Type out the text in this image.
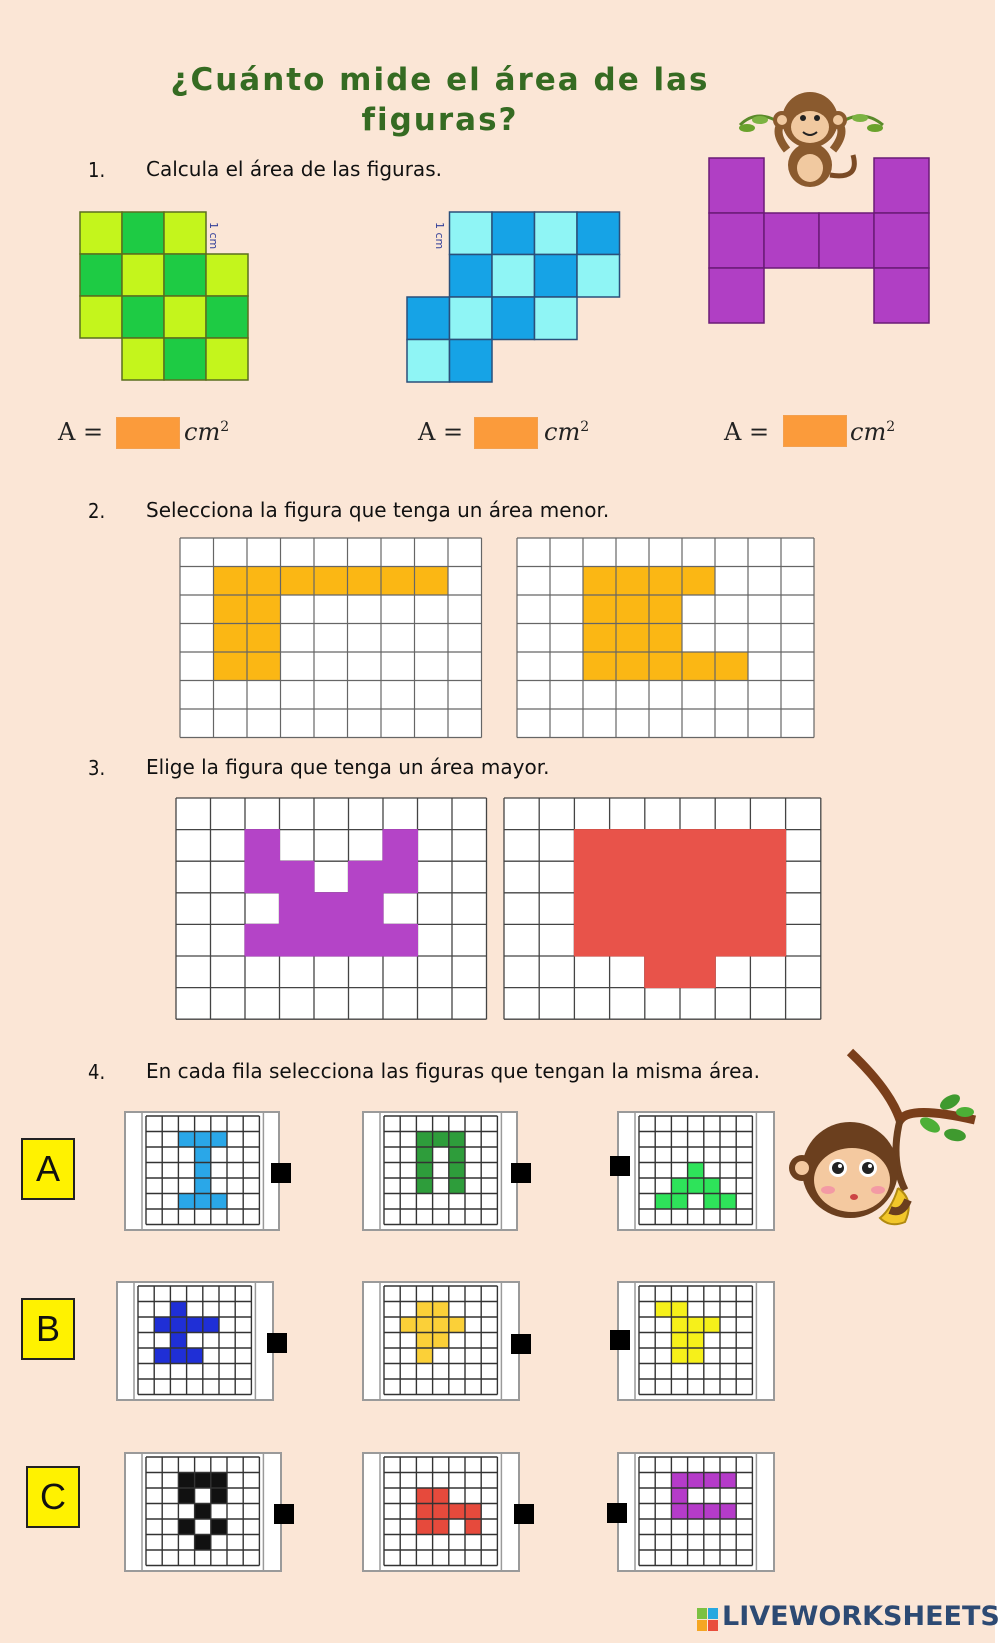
¿Cuánto mide el área de las
figuras?
1. Calcula el área de las figuras.
1 cm	1 cm
A =	$cm^2$	A =	$cm^2$	A =	$cm^2$
2. Selecciona la figura que tenga un área menor.
3. Elige la figura que tenga un área mayor.
4. En cada fila selecciona las figuras que tengan la misma área.
A
B
C
LIVEWORKSHEETS
